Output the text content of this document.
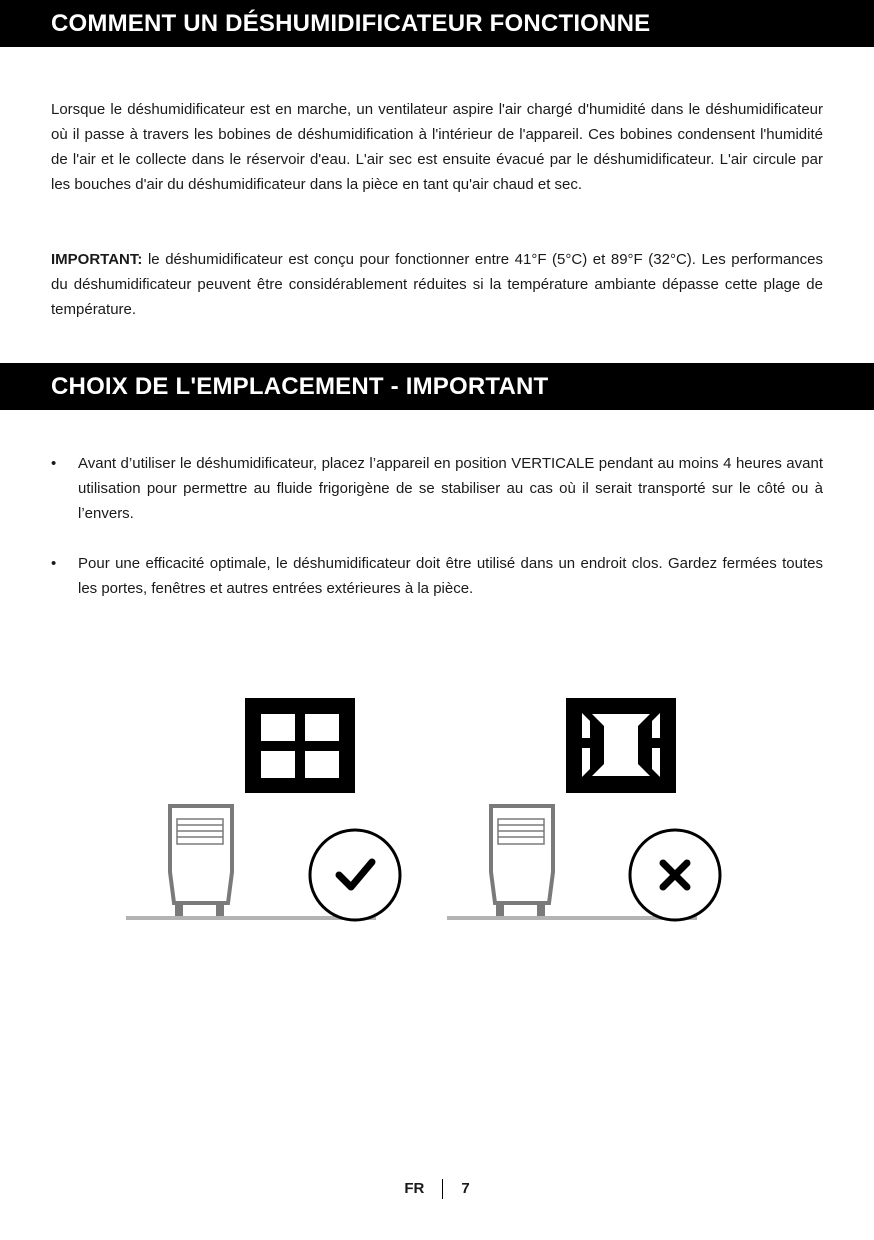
COMMENT UN DÉSHUMIDIFICATEUR FONCTIONNE

Lorsque le déshumidificateur est en marche, un ventilateur aspire l'air chargé d'humidité dans le déshumidificateur où il passe à travers les bobines de déshumidification à l'intérieur de l'appareil. Ces bobines condensent l'humidité de l'air et le collecte dans le réservoir d'eau. L'air sec est ensuite évacué par le déshumidificateur. L'air circule par les bouches d'air du déshumidificateur dans la pièce en tant qu'air chaud et sec.

IMPORTANT: le déshumidificateur est conçu pour fonctionner entre 41°F (5°C) et 89°F (32°C). Les performances du déshumidificateur peuvent être considérablement réduites si la température ambiante dépasse cette plage de température.

CHOIX DE L'EMPLACEMENT - IMPORTANT
• Avant d’utiliser le déshumidificateur, placez l’appareil en position VERTICALE pendant au moins 4 heures avant utilisation pour permettre au fluide frigorigène de se stabiliser au cas où il serait transporté sur le côté ou à l’envers.
• Pour une efficacité optimale, le déshumidificateur doit être utilisé dans un endroit clos. Gardez fermées toutes les portes, fenêtres et autres entrées extérieures à la pièce.
FR 7
